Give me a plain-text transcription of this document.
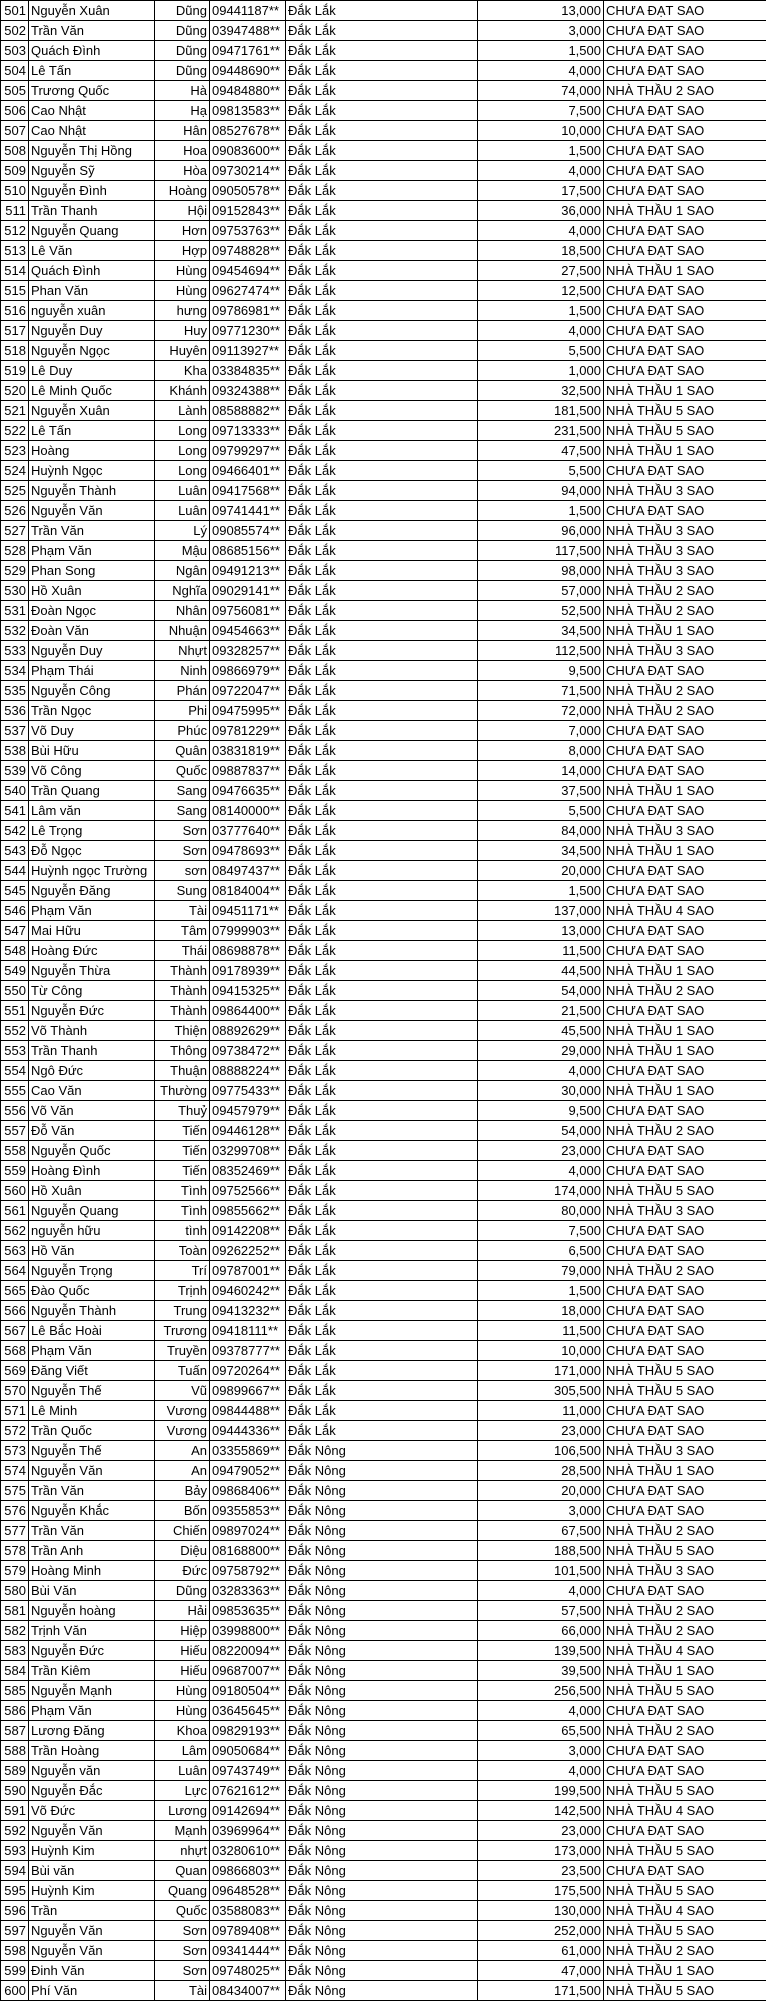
501	Nguyễn Xuân	Dũng	09441187**	Đắk Lắk	13,000	CHƯA ĐẠT SAO
502	Trần Văn	Dũng	03947488**	Đắk Lắk	3,000	CHƯA ĐẠT SAO
503	Quách Đình	Dũng	09471761**	Đắk Lắk	1,500	CHƯA ĐẠT SAO
504	Lê Tấn	Dũng	09448690**	Đắk Lắk	4,000	CHƯA ĐẠT SAO
505	Trương Quốc	Hà	09484880**	Đắk Lắk	74,000	NHÀ THẦU 2 SAO
506	Cao Nhật	Hạ	09813583**	Đắk Lắk	7,500	CHƯA ĐẠT SAO
507	Cao Nhật	Hân	08527678**	Đắk Lắk	10,000	CHƯA ĐẠT SAO
508	Nguyễn Thị Hồng	Hoa	09083600**	Đắk Lắk	1,500	CHƯA ĐẠT SAO
509	Nguyễn Sỹ	Hòa	09730214**	Đắk Lắk	4,000	CHƯA ĐẠT SAO
510	Nguyễn Đình	Hoàng	09050578**	Đắk Lắk	17,500	CHƯA ĐẠT SAO
511	Trần Thanh	Hội	09152843**	Đắk Lắk	36,000	NHÀ THẦU 1 SAO
512	Nguyễn Quang	Hơn	09753763**	Đắk Lắk	4,000	CHƯA ĐẠT SAO
513	Lê Văn	Hợp	09748828**	Đắk Lắk	18,500	CHƯA ĐẠT SAO
514	Quách Đình	Hùng	09454694**	Đắk Lắk	27,500	NHÀ THẦU 1 SAO
515	Phan Văn	Hùng	09627474**	Đắk Lắk	12,500	CHƯA ĐẠT SAO
516	nguyễn xuân	hưng	09786981**	Đắk Lắk	1,500	CHƯA ĐẠT SAO
517	Nguyễn Duy	Huy	09771230**	Đắk Lắk	4,000	CHƯA ĐẠT SAO
518	Nguyễn Ngọc	Huyên	09113927**	Đắk Lắk	5,500	CHƯA ĐẠT SAO
519	Lê Duy	Kha	03384835**	Đắk Lắk	1,000	CHƯA ĐẠT SAO
520	Lê Minh Quốc	Khánh	09324388**	Đắk Lắk	32,500	NHÀ THẦU 1 SAO
521	Nguyễn Xuân	Lành	08588882**	Đắk Lắk	181,500	NHÀ THẦU 5 SAO
522	Lê Tấn	Long	09713333**	Đắk Lắk	231,500	NHÀ THẦU 5 SAO
523	Hoàng	Long	09799297**	Đắk Lắk	47,500	NHÀ THẦU 1 SAO
524	Huỳnh Ngọc	Long	09466401**	Đắk Lắk	5,500	CHƯA ĐẠT SAO
525	Nguyễn Thành	Luân	09417568**	Đắk Lắk	94,000	NHÀ THẦU 3 SAO
526	Nguyễn Văn	Luân	09741441**	Đắk Lắk	1,500	CHƯA ĐẠT SAO
527	Trần Văn	Lý	09085574**	Đắk Lắk	96,000	NHÀ THẦU 3 SAO
528	Phạm Văn	Mậu	08685156**	Đắk Lắk	117,500	NHÀ THẦU 3 SAO
529	Phan Song	Ngân	09491213**	Đắk Lắk	98,000	NHÀ THẦU 3 SAO
530	Hồ Xuân	Nghĩa	09029141**	Đắk Lắk	57,000	NHÀ THẦU 2 SAO
531	Đoàn Ngọc	Nhân	09756081**	Đắk Lắk	52,500	NHÀ THẦU 2 SAO
532	Đoàn Văn	Nhuận	09454663**	Đắk Lắk	34,500	NHÀ THẦU 1 SAO
533	Nguyễn Duy	Nhựt	09328257**	Đắk Lắk	112,500	NHÀ THẦU 3 SAO
534	Phạm Thái	Ninh	09866979**	Đắk Lắk	9,500	CHƯA ĐẠT SAO
535	Nguyễn Công	Phán	09722047**	Đắk Lắk	71,500	NHÀ THẦU 2 SAO
536	Trần Ngọc	Phi	09475995**	Đắk Lắk	72,000	NHÀ THẦU 2 SAO
537	Võ Duy	Phúc	09781229**	Đắk Lắk	7,000	CHƯA ĐẠT SAO
538	Bùi Hữu	Quân	03831819**	Đắk Lắk	8,000	CHƯA ĐẠT SAO
539	Võ Công	Quốc	09887837**	Đắk Lắk	14,000	CHƯA ĐẠT SAO
540	Trần Quang	Sang	09476635**	Đắk Lắk	37,500	NHÀ THẦU 1 SAO
541	Lâm văn	Sang	08140000**	Đắk Lắk	5,500	CHƯA ĐẠT SAO
542	Lê Trọng	Sơn	03777640**	Đắk Lắk	84,000	NHÀ THẦU 3 SAO
543	Đỗ Ngọc	Sơn	09478693**	Đắk Lắk	34,500	NHÀ THẦU 1 SAO
544	Huỳnh ngọc Trường	sơn	08497437**	Đắk Lắk	20,000	CHƯA ĐẠT SAO
545	Nguyễn Đăng	Sung	08184004**	Đắk Lắk	1,500	CHƯA ĐẠT SAO
546	Phạm Văn	Tài	09451171**	Đắk Lắk	137,000	NHÀ THẦU 4 SAO
547	Mai Hữu	Tâm	07999903**	Đắk Lắk	13,000	CHƯA ĐẠT SAO
548	Hoàng Đức	Thái	08698878**	Đắk Lắk	11,500	CHƯA ĐẠT SAO
549	Nguyễn Thừa	Thành	09178939**	Đắk Lắk	44,500	NHÀ THẦU 1 SAO
550	Từ Công	Thành	09415325**	Đắk Lắk	54,000	NHÀ THẦU 2 SAO
551	Nguyễn Đức	Thành	09864400**	Đắk Lắk	21,500	CHƯA ĐẠT SAO
552	Võ Thành	Thiện	08892629**	Đắk Lắk	45,500	NHÀ THẦU 1 SAO
553	Trần Thanh	Thông	09738472**	Đắk Lắk	29,000	NHÀ THẦU 1 SAO
554	Ngô Đức	Thuận	08888224**	Đắk Lắk	4,000	CHƯA ĐẠT SAO
555	Cao Văn	Thường	09775433**	Đắk Lắk	30,000	NHÀ THẦU 1 SAO
556	Võ Văn	Thuỷ	09457979**	Đắk Lắk	9,500	CHƯA ĐẠT SAO
557	Đỗ Văn	Tiến	09446128**	Đắk Lắk	54,000	NHÀ THẦU 2 SAO
558	Nguyễn Quốc	Tiến	03299708**	Đắk Lắk	23,000	CHƯA ĐẠT SAO
559	Hoàng Đình	Tiến	08352469**	Đắk Lắk	4,000	CHƯA ĐẠT SAO
560	Hồ Xuân	Tình	09752566**	Đắk Lắk	174,000	NHÀ THẦU 5 SAO
561	Nguyễn Quang	Tình	09855662**	Đắk Lắk	80,000	NHÀ THẦU 3 SAO
562	nguyễn hữu	tình	09142208**	Đắk Lắk	7,500	CHƯA ĐẠT SAO
563	Hồ Văn	Toàn	09262252**	Đắk Lắk	6,500	CHƯA ĐẠT SAO
564	Nguyễn Trọng	Trí	09787001**	Đắk Lắk	79,000	NHÀ THẦU 2 SAO
565	Đào Quốc	Trịnh	09460242**	Đắk Lắk	1,500	CHƯA ĐẠT SAO
566	Nguyễn Thành	Trung	09413232**	Đắk Lắk	18,000	CHƯA ĐẠT SAO
567	Lê Bắc Hoài	Trương	09418111**	Đắk Lắk	11,500	CHƯA ĐẠT SAO
568	Phạm Văn	Truyền	09378777**	Đắk Lắk	10,000	CHƯA ĐẠT SAO
569	Đăng Viết	Tuấn	09720264**	Đắk Lắk	171,000	NHÀ THẦU 5 SAO
570	Nguyễn Thế	Vũ	09899667**	Đắk Lắk	305,500	NHÀ THẦU 5 SAO
571	Lê Minh	Vương	09844488**	Đắk Lắk	11,000	CHƯA ĐẠT SAO
572	Trần Quốc	Vương	09444336**	Đắk Lắk	23,000	CHƯA ĐẠT SAO
573	Nguyễn Thế	An	03355869**	Đắk Nông	106,500	NHÀ THẦU 3 SAO
574	Nguyễn Văn	An	09479052**	Đắk Nông	28,500	NHÀ THẦU 1 SAO
575	Trần Văn	Bảy	09868406**	Đắk Nông	20,000	CHƯA ĐẠT SAO
576	Nguyễn Khắc	Bốn	09355853**	Đắk Nông	3,000	CHƯA ĐẠT SAO
577	Trần Văn	Chiến	09897024**	Đắk Nông	67,500	NHÀ THẦU 2 SAO
578	Trần Anh	Diệu	08168800**	Đắk Nông	188,500	NHÀ THẦU 5 SAO
579	Hoàng Minh	Đức	09758792**	Đắk Nông	101,500	NHÀ THẦU 3 SAO
580	Bùi Văn	Dũng	03283363**	Đắk Nông	4,000	CHƯA ĐẠT SAO
581	Nguyễn hoàng	Hải	09853635**	Đắk Nông	57,500	NHÀ THẦU 2 SAO
582	Trịnh Văn	Hiệp	03998800**	Đắk Nông	66,000	NHÀ THẦU 2 SAO
583	Nguyễn Đức	Hiếu	08220094**	Đắk Nông	139,500	NHÀ THẦU 4 SAO
584	Trần Kiêm	Hiếu	09687007**	Đắk Nông	39,500	NHÀ THẦU 1 SAO
585	Nguyễn Mạnh	Hùng	09180504**	Đắk Nông	256,500	NHÀ THẦU 5 SAO
586	Phạm Văn	Hùng	03645645**	Đắk Nông	4,000	CHƯA ĐẠT SAO
587	Lương Đăng	Khoa	09829193**	Đắk Nông	65,500	NHÀ THẦU 2 SAO
588	Trần Hoàng	Lâm	09050684**	Đắk Nông	3,000	CHƯA ĐẠT SAO
589	Nguyễn văn	Luân	09743749**	Đắk Nông	4,000	CHƯA ĐẠT SAO
590	Nguyễn Đắc	Lực	07621612**	Đắk Nông	199,500	NHÀ THẦU 5 SAO
591	Võ Đức	Lương	09142694**	Đắk Nông	142,500	NHÀ THẦU 4 SAO
592	Nguyễn Văn	Mạnh	03969964**	Đắk Nông	23,000	CHƯA ĐẠT SAO
593	Huỳnh Kim	nhựt	03280610**	Đắk Nông	173,000	NHÀ THẦU 5 SAO
594	Bùi văn	Quan	09866803**	Đắk Nông	23,500	CHƯA ĐẠT SAO
595	Huỳnh Kim	Quang	09648528**	Đắk Nông	175,500	NHÀ THẦU 5 SAO
596	Trần	Quốc	03588083**	Đắk Nông	130,000	NHÀ THẦU 4 SAO
597	Nguyễn Văn	Sơn	09789408**	Đắk Nông	252,000	NHÀ THẦU 5 SAO
598	Nguyễn Văn	Sơn	09341444**	Đắk Nông	61,000	NHÀ THẦU 2 SAO
599	Đinh Văn	Sơn	09748025**	Đắk Nông	47,000	NHÀ THẦU 1 SAO
600	Phí Văn	Tài	08434007**	Đắk Nông	171,500	NHÀ THẦU 5 SAO
